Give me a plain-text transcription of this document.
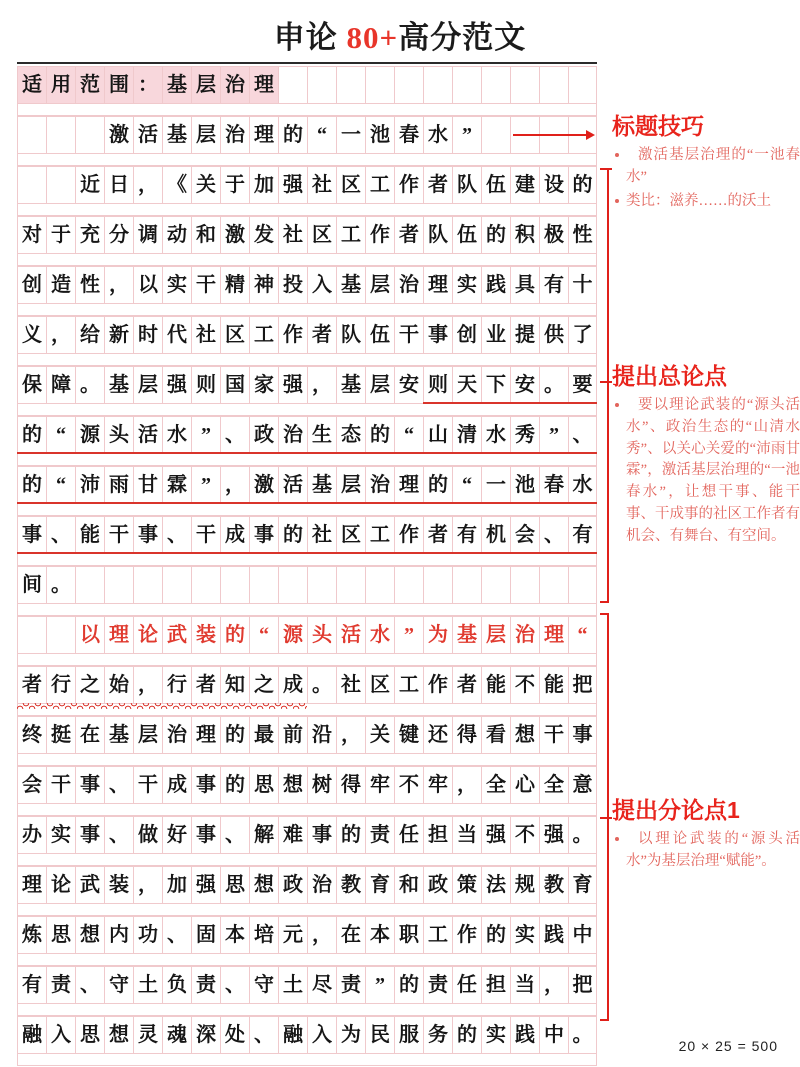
申论 80+高分范文
适 用 范 围 ： 基 层 治 理
激 活 基 层 治 理 的 “ 一 池 春 水 ”
近 日 ， 《 关 于 加 强 社 区 工 作 者 队 伍 建 设 的
对 于 充 分 调 动 和 激 发 社 区 工 作 者 队 伍 的 积 极 性
创 造 性 ， 以 实 干 精 神 投 入 基 层 治 理 实 践 具 有 十
义 ， 给 新 时 代 社 区 工 作 者 队 伍 干 事 创 业 提 供 了
保 障 。 基 层 强 则 国 家 强 ， 基 层 安 则 天 下 安 。 要
的 “ 源 头 活 水 ” 、 政 治 生 态 的 “ 山 清 水 秀 ” 、
的 “ 沛 雨 甘 霖 ” ， 激 活 基 层 治 理 的 “ 一 池 春 水
事 、 能 干 事 、 干 成 事 的 社 区 工 作 者 有 机 会 、 有
间 。
以 理 论 武 装 的 “ 源 头 活 水 ” 为 基 层 治 理 “
者 行 之 始 ， 行 者 知 之 成 。 社 区 工 作 者 能 不 能 把
终 挺 在 基 层 治 理 的 最 前 沿 ， 关 键 还 得 看 想 干 事
会 干 事 、 干 成 事 的 思 想 树 得 牢 不 牢 ， 全 心 全 意
办 实 事 、 做 好 事 、 解 难 事 的 责 任 担 当 强 不 强 。
理 论 武 装 ， 加 强 思 想 政 治 教 育 和 政 策 法 规 教 育
炼 思 想 内 功 、 固 本 培 元 ， 在 本 职 工 作 的 实 践 中
有 责 、 守 土 负 责 、 守 土 尽 责 ” 的 责 任 担 当 ， 把
融 入 思 想 灵 魂 深 处 、 融 入 为 民 服 务 的 实 践 中 。
标题技巧
激活基层治理的“一池春水”
类比：滋养……的沃土
提出总论点
要以理论武装的“源头活水”、政治生态的“山清水秀”、以关心关爱的“沛雨甘霖”，激活基层治理的“一池春水”，让想干事、能干事、干成事的社区工作者有机会、有舞台、有空间。
提出分论点1
以理论武装的“源头活水”为基层治理“赋能”。
20 × 25 = 500
